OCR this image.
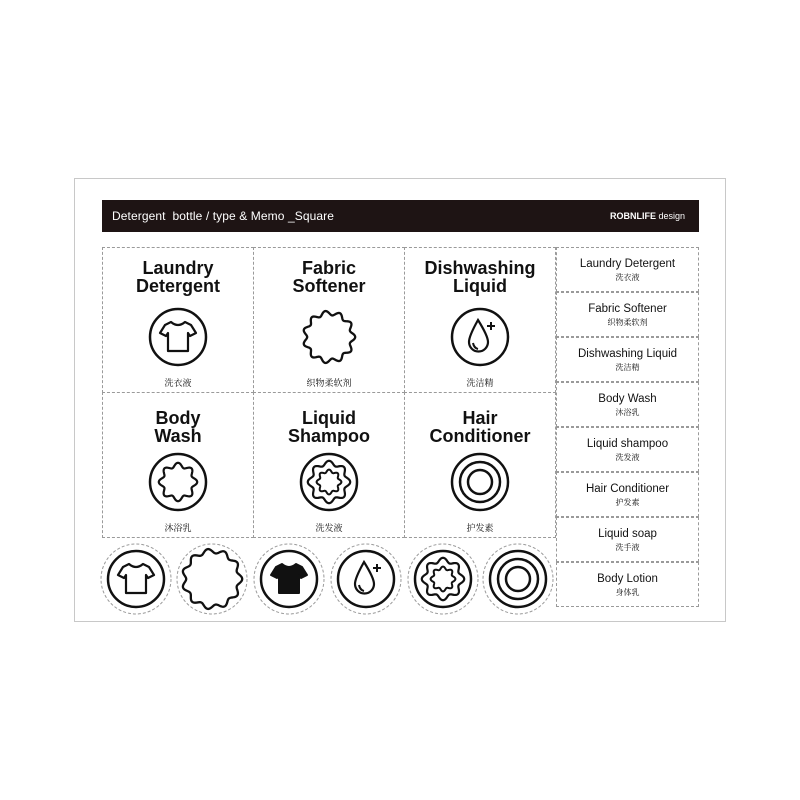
Detergent  bottle / type & Memo _Square	ROBNLIFE design
Laundry
Detergent
洗衣液
Fabric
Softener
织物柔软剂
Dishwashing
Liquid
洗洁精
Body
Wash
沐浴乳
Liquid
Shampoo
洗发液
Hair
Conditioner
护发素
Laundry Detergent
洗衣液
Fabric Softener
织物柔软剂
Dishwashing Liquid
洗洁精
Body Wash
沐浴乳
Liquid shampoo
洗发液
Hair Conditioner
护发素
Liquid soap
洗手液
Body Lotion
身体乳
